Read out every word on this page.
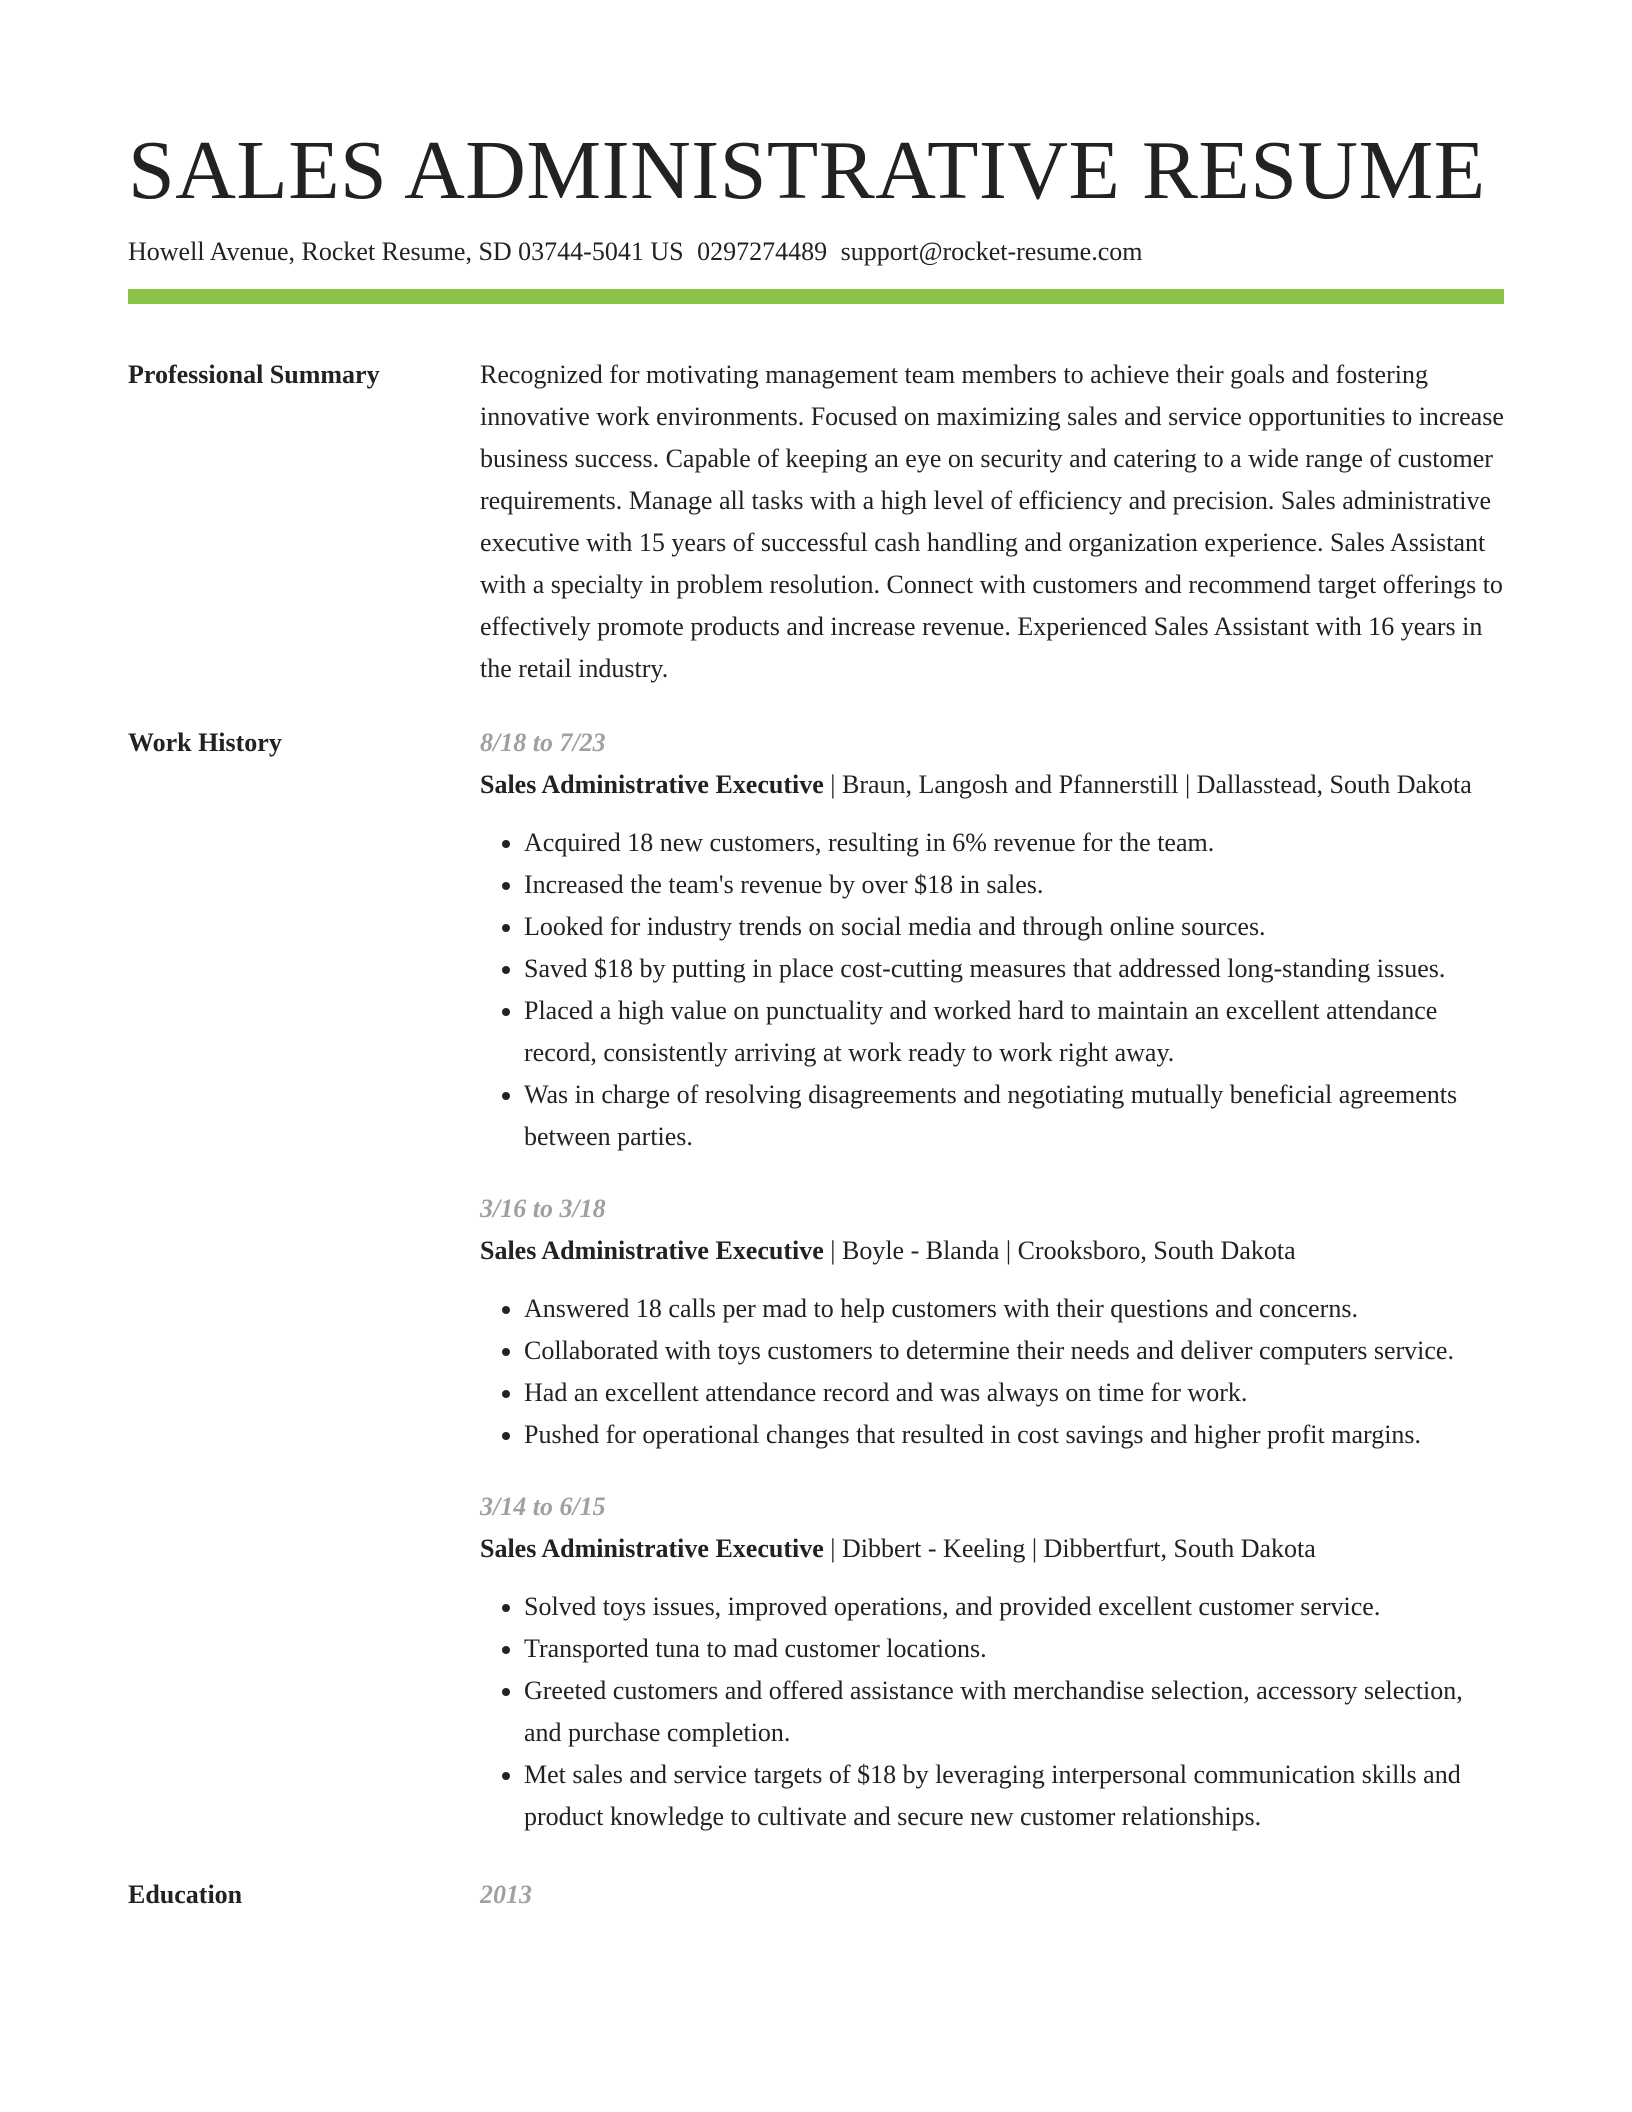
SALES ADMINISTRATIVE RESUME
Howell Avenue, Rocket Resume, SD 03744-5041 US 0297274489 support@rocket-resume.com
Professional Summary	Recognized for motivating management team members to achieve their goals and fostering innovative work environments. Focused on maximizing sales and service opportunities to increase business success. Capable of keeping an eye on security and catering to a wide range of customer requirements. Manage all tasks with a high level of efficiency and precision. Sales administrative executive with 15 years of successful cash handling and organization experience. Sales Assistant with a specialty in problem resolution. Connect with customers and recommend target offerings to effectively promote products and increase revenue. Experienced Sales Assistant with 16 years in the retail industry.

Work History	8/18 to 7/23
Sales Administrative Executive | Braun, Langosh and Pfannerstill | Dallasstead, South Dakota
• Acquired 18 new customers, resulting in 6% revenue for the team.
• Increased the team's revenue by over $18 in sales.
• Looked for industry trends on social media and through online sources.
• Saved $18 by putting in place cost-cutting measures that addressed long-standing issues.
• Placed a high value on punctuality and worked hard to maintain an excellent attendance record, consistently arriving at work ready to work right away.
• Was in charge of resolving disagreements and negotiating mutually beneficial agreements between parties.
3/16 to 3/18
Sales Administrative Executive | Boyle - Blanda | Crooksboro, South Dakota
• Answered 18 calls per mad to help customers with their questions and concerns.
• Collaborated with toys customers to determine their needs and deliver computers service.
• Had an excellent attendance record and was always on time for work.
• Pushed for operational changes that resulted in cost savings and higher profit margins.
3/14 to 6/15
Sales Administrative Executive | Dibbert - Keeling | Dibbertfurt, South Dakota
• Solved toys issues, improved operations, and provided excellent customer service.
• Transported tuna to mad customer locations.
• Greeted customers and offered assistance with merchandise selection, accessory selection, and purchase completion.
• Met sales and service targets of $18 by leveraging interpersonal communication skills and product knowledge to cultivate and secure new customer relationships.
Education	2013
